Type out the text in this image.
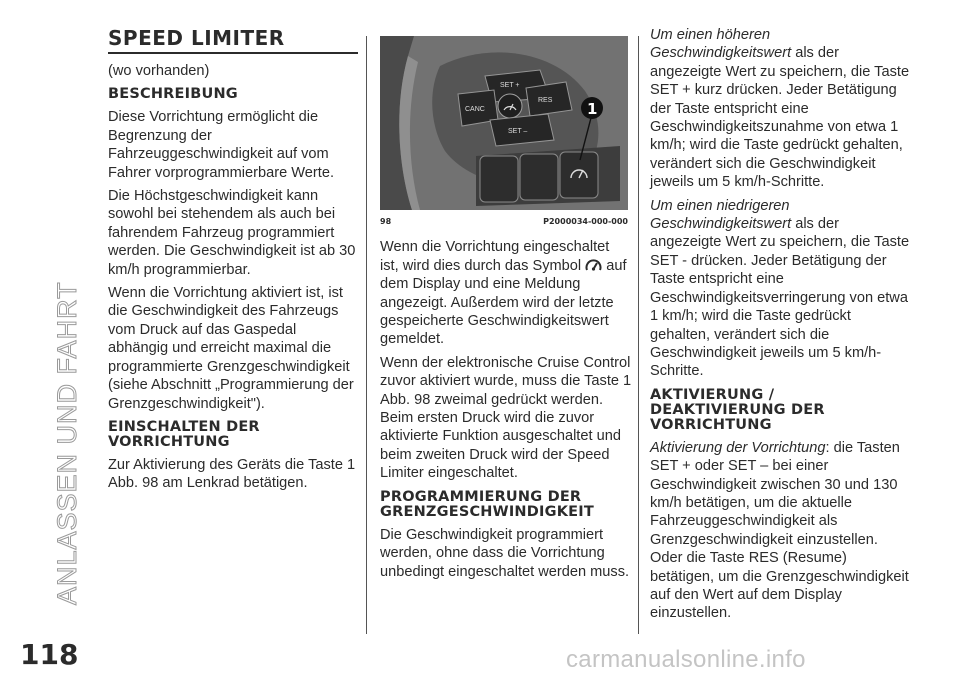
ANLASSEN UND FAHRT
118
SPEED LIMITER

(wo vorhanden)

BESCHREIBUNG

Diese Vorrichtung ermöglicht die Begrenzung der Fahrzeuggeschwindigkeit auf vom Fahrer vorprogrammierbare Werte.

Die Höchstgeschwindigkeit kann sowohl bei stehendem als auch bei fahrendem Fahrzeug programmiert werden. Die Geschwindigkeit ist ab 30 km/h programmierbar.

Wenn die Vorrichtung aktiviert ist, ist die Geschwindigkeit des Fahrzeugs vom Druck auf das Gaspedal abhängig und erreicht maximal die programmierte Grenzgeschwindigkeit (siehe Abschnitt „Programmierung der Grenzgeschwindigkeit").

EINSCHALTEN DER VORRICHTUNG

Zur Aktivierung des Geräts die Taste 1 Abb. 98 am Lenkrad betätigen.

SET +
CANC
RES
SET –
1
98	P2000034-000-000

Wenn die Vorrichtung eingeschaltet ist, wird dies durch das Symbol auf dem Display und eine Meldung angezeigt. Außerdem wird der letzte gespeicherte Geschwindigkeitswert gemeldet.

Wenn der elektronische Cruise Control zuvor aktiviert wurde, muss die Taste 1 Abb. 98 zweimal gedrückt werden. Beim ersten Druck wird die zuvor aktivierte Funktion ausgeschaltet und beim zweiten Druck wird der Speed Limiter eingeschaltet.

PROGRAMMIERUNG DER GRENZGESCHWINDIGKEIT

Die Geschwindigkeit programmiert werden, ohne dass die Vorrichtung unbedingt eingeschaltet werden muss.

Um einen höheren Geschwindigkeitswert als der angezeigte Wert zu speichern, die Taste SET + kurz drücken. Jeder Betätigung der Taste entspricht eine Geschwindigkeitszunahme von etwa 1 km/h; wird die Taste gedrückt gehalten, verändert sich die Geschwindigkeit jeweils um 5 km/h-Schritte.

Um einen niedrigeren Geschwindigkeitswert als der angezeigte Wert zu speichern, die Taste SET - drücken. Jeder Betätigung der Taste entspricht eine Geschwindigkeitsverringerung von etwa 1 km/h; wird die Taste gedrückt gehalten, verändert sich die Geschwindigkeit jeweils um 5 km/h-Schritte.

AKTIVIERUNG / DEAKTIVIERUNG DER VORRICHTUNG

Aktivierung der Vorrichtung: die Tasten SET + oder SET – bei einer Geschwindigkeit zwischen 30 und 130 km/h betätigen, um die aktuelle Fahrzeuggeschwindigkeit als Grenzgeschwindigkeit einzustellen. Oder die Taste RES (Resume) betätigen, um die Grenzgeschwindigkeit auf den Wert auf dem Display einzustellen.

carmanualsonline.info
